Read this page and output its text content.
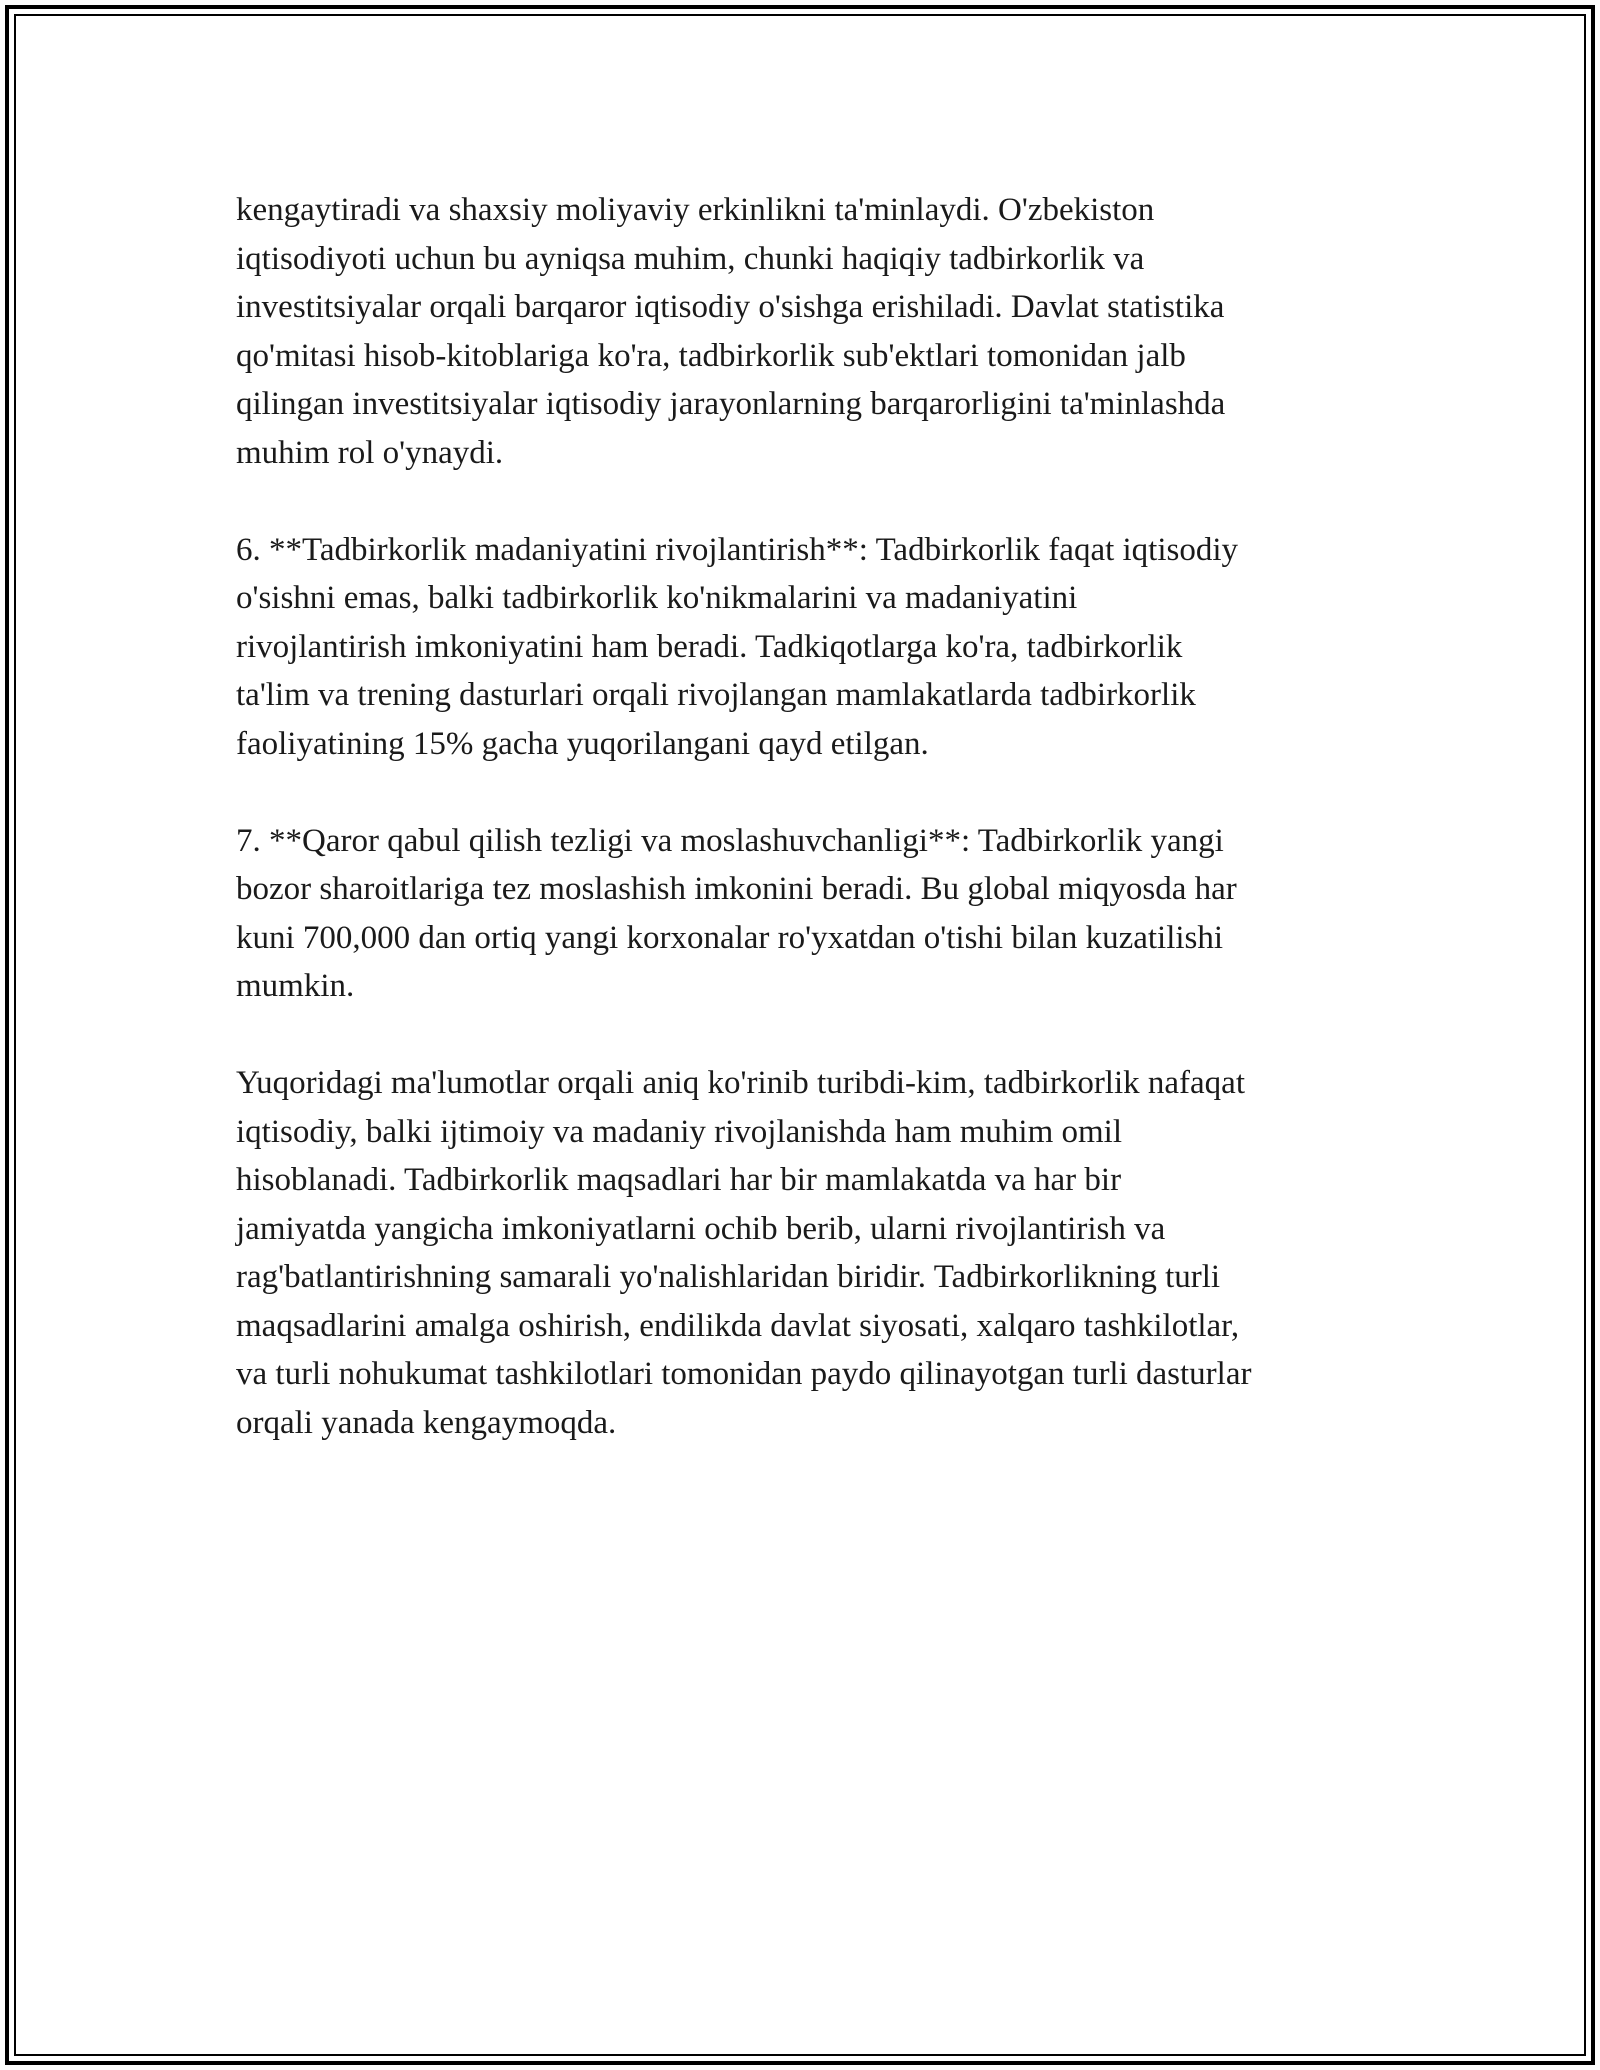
kengaytiradi va shaxsiy moliyaviy erkinlikni ta'minlaydi. O'zbekiston
iqtisodiyoti uchun bu ayniqsa muhim, chunki haqiqiy tadbirkorlik va
investitsiyalar orqali barqaror iqtisodiy o'sishga erishiladi. Davlat statistika
qo'mitasi hisob-kitoblariga ko'ra, tadbirkorlik sub'ektlari tomonidan jalb
qilingan investitsiyalar iqtisodiy jarayonlarning barqarorligini ta'minlashda
muhim rol o'ynaydi.

6. **Tadbirkorlik madaniyatini rivojlantirish**: Tadbirkorlik faqat iqtisodiy
o'sishni emas, balki tadbirkorlik ko'nikmalarini va madaniyatini
rivojlantirish imkoniyatini ham beradi. Tadkiqotlarga ko'ra, tadbirkorlik
ta'lim va trening dasturlari orqali rivojlangan mamlakatlarda tadbirkorlik
faoliyatining 15% gacha yuqorilangani qayd etilgan.

7. **Qaror qabul qilish tezligi va moslashuvchanligi**: Tadbirkorlik yangi
bozor sharoitlariga tez moslashish imkonini beradi. Bu global miqyosda har
kuni 700,000 dan ortiq yangi korxonalar ro'yxatdan o'tishi bilan kuzatilishi
mumkin.

Yuqoridagi ma'lumotlar orqali aniq ko'rinib turibdi-kim, tadbirkorlik nafaqat
iqtisodiy, balki ijtimoiy va madaniy rivojlanishda ham muhim omil
hisoblanadi. Tadbirkorlik maqsadlari har bir mamlakatda va har bir
jamiyatda yangicha imkoniyatlarni ochib berib, ularni rivojlantirish va
rag'batlantirishning samarali yo'nalishlaridan biridir. Tadbirkorlikning turli
maqsadlarini amalga oshirish, endilikda davlat siyosati, xalqaro tashkilotlar,
va turli nohukumat tashkilotlari tomonidan paydo qilinayotgan turli dasturlar
orqali yanada kengaymoqda.
